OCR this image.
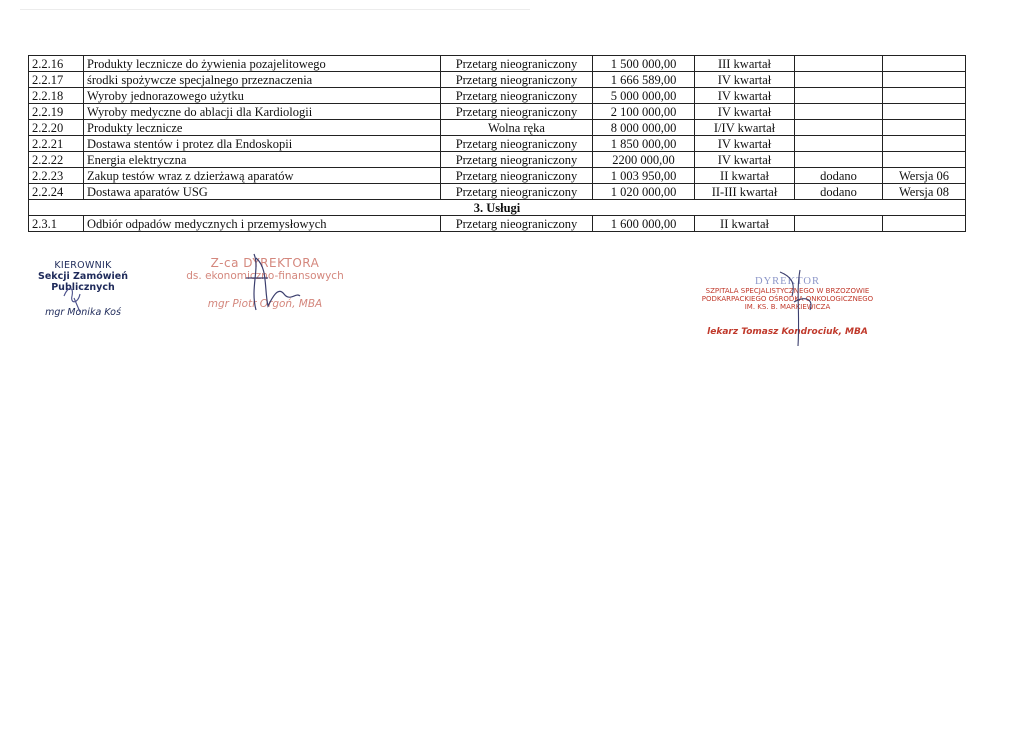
2.2.16	Produkty lecznicze do żywienia pozajelitowego	Przetarg nieograniczony	1 500 000,00	III kwartał		
2.2.17	środki spożywcze specjalnego przeznaczenia	Przetarg nieograniczony	1 666 589,00	IV kwartał		
2.2.18	Wyroby jednorazowego użytku	Przetarg nieograniczony	5 000 000,00	IV kwartał		
2.2.19	Wyroby medyczne do ablacji dla Kardiologii	Przetarg nieograniczony	2 100 000,00	IV kwartał		
2.2.20	Produkty lecznicze	Wolna ręka	8 000 000,00	I/IV kwartał		
2.2.21	Dostawa stentów i protez dla Endoskopii	Przetarg nieograniczony	1 850 000,00	IV kwartał		
2.2.22	Energia elektryczna	Przetarg nieograniczony	2200 000,00	IV kwartał		
2.2.23	Zakup testów wraz z dzierżawą aparatów	Przetarg nieograniczony	1 003 950,00	II kwartał	dodano	Wersja 06
2.2.24	Dostawa aparatów USG	Przetarg nieograniczony	1 020 000,00	II-III kwartał	dodano	Wersja 08
3. Usługi						
2.3.1	Odbiór odpadów medycznych i przemysłowych	Przetarg nieograniczony	1 600 000,00	II kwartał		
KIEROWNIK
Sekcji Zamówień Publicznych
mgr Monika Koś
Z-ca DYREKTORA
ds. ekonomiczno-finansowych
mgr Piotr Orgoń, MBA
DYREKTOR
SZPITALA SPECJALISTYCZNEGO W BRZOZOWIE
PODKARPACKIEGO OŚRODKA ONKOLOGICZNEGO
IM. KS. B. MARKIEWICZA
lekarz Tomasz Kondrociuk, MBA
